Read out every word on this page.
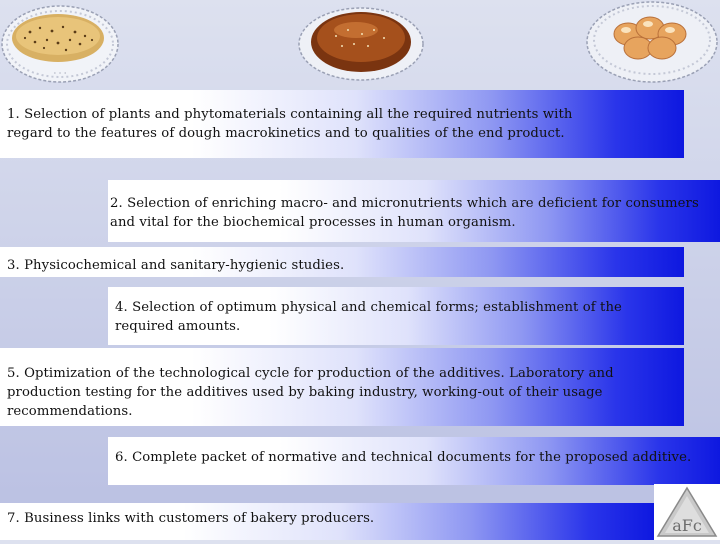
· · ·
1. Selection of plants and phytomaterials containing all the required nutrients with
regard to the features of dough macrokinetics and to qualities of the end product.
2. Selection of enriching macro- and micronutrients which are deficient for consumers
and vital for the biochemical processes in human organism.
3. Physicochemical and sanitary-hygienic studies.
4. Selection of optimum physical and chemical forms; establishment of the
required amounts.
5. Optimization of the technological cycle for production of the additives. Laboratory and
production testing for the additives used by baking industry, working-out of their usage
recommendations.
6. Complete packet of normative and technical documents for the proposed additive.
7. Business links with customers of bakery producers.	aFc
